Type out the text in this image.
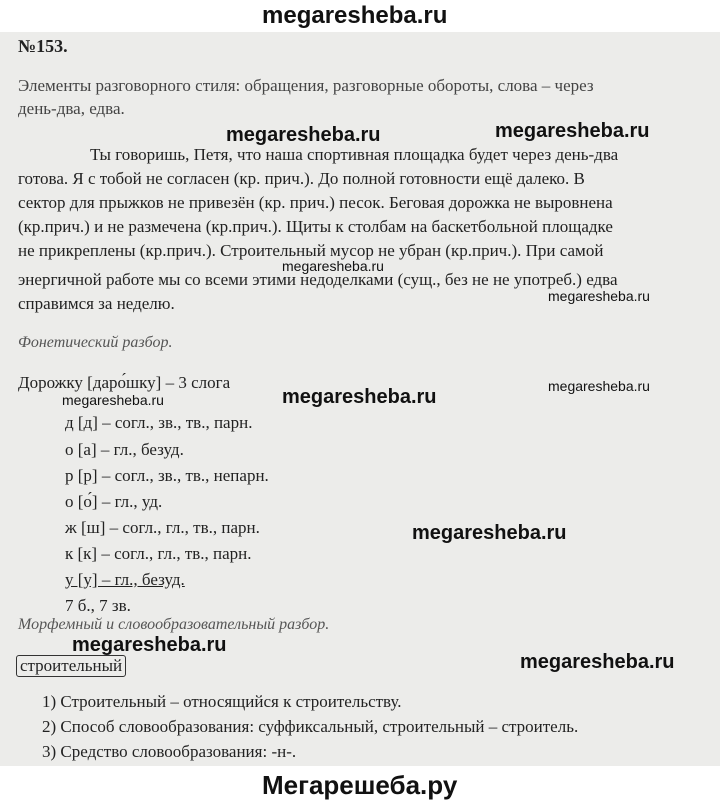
megaresheba.ru
№153.
Элементы разговорного стиля: обращения, разговорные обороты, слова – через
день-два, едва.
megaresheba.ru	megaresheba.ru
Ты говоришь, Петя, что наша спортивная площадка будет через день-два
готова. Я с тобой не согласен (кр. прич.). До полной готовности ещё далеко. В
сектор для прыжков не привезён (кр. прич.) песок. Беговая дорожка не выровнена
(кр.прич.) и не размечена (кр.прич.). Щиты к столбам на баскетбольной площадке
не прикреплены (кр.прич.). Строительный мусор не убран (кр.прич.). При самой
megaresheba.ru
энергичной работе мы со всеми этими недоделками (сущ., без не не употреб.) едва
справимся за неделю.	megaresheba.ru
Фонетический разбор.
Дорожку [даро́шку] – 3 слога	megaresheba.ru
megaresheba.ru	megaresheba.ru
д [д] – согл., зв., тв., парн.
о [а] – гл., безуд.
р [р] – согл., зв., тв., непарн.
о [о́] – гл., уд.
ж [ш] – согл., гл., тв., парн.	megaresheba.ru
к [к] – согл., гл., тв., парн.
у [у] – гл., безуд.
7 б., 7 зв.
Морфемный и словообразовательный разбор.
megaresheba.ru
строительный	megaresheba.ru
1) Строительный – относящийся к строительству.
2) Способ словообразования: суффиксальный, строительный – строитель.
3) Средство словообразования: -н-.
Мегарешеба.ру
